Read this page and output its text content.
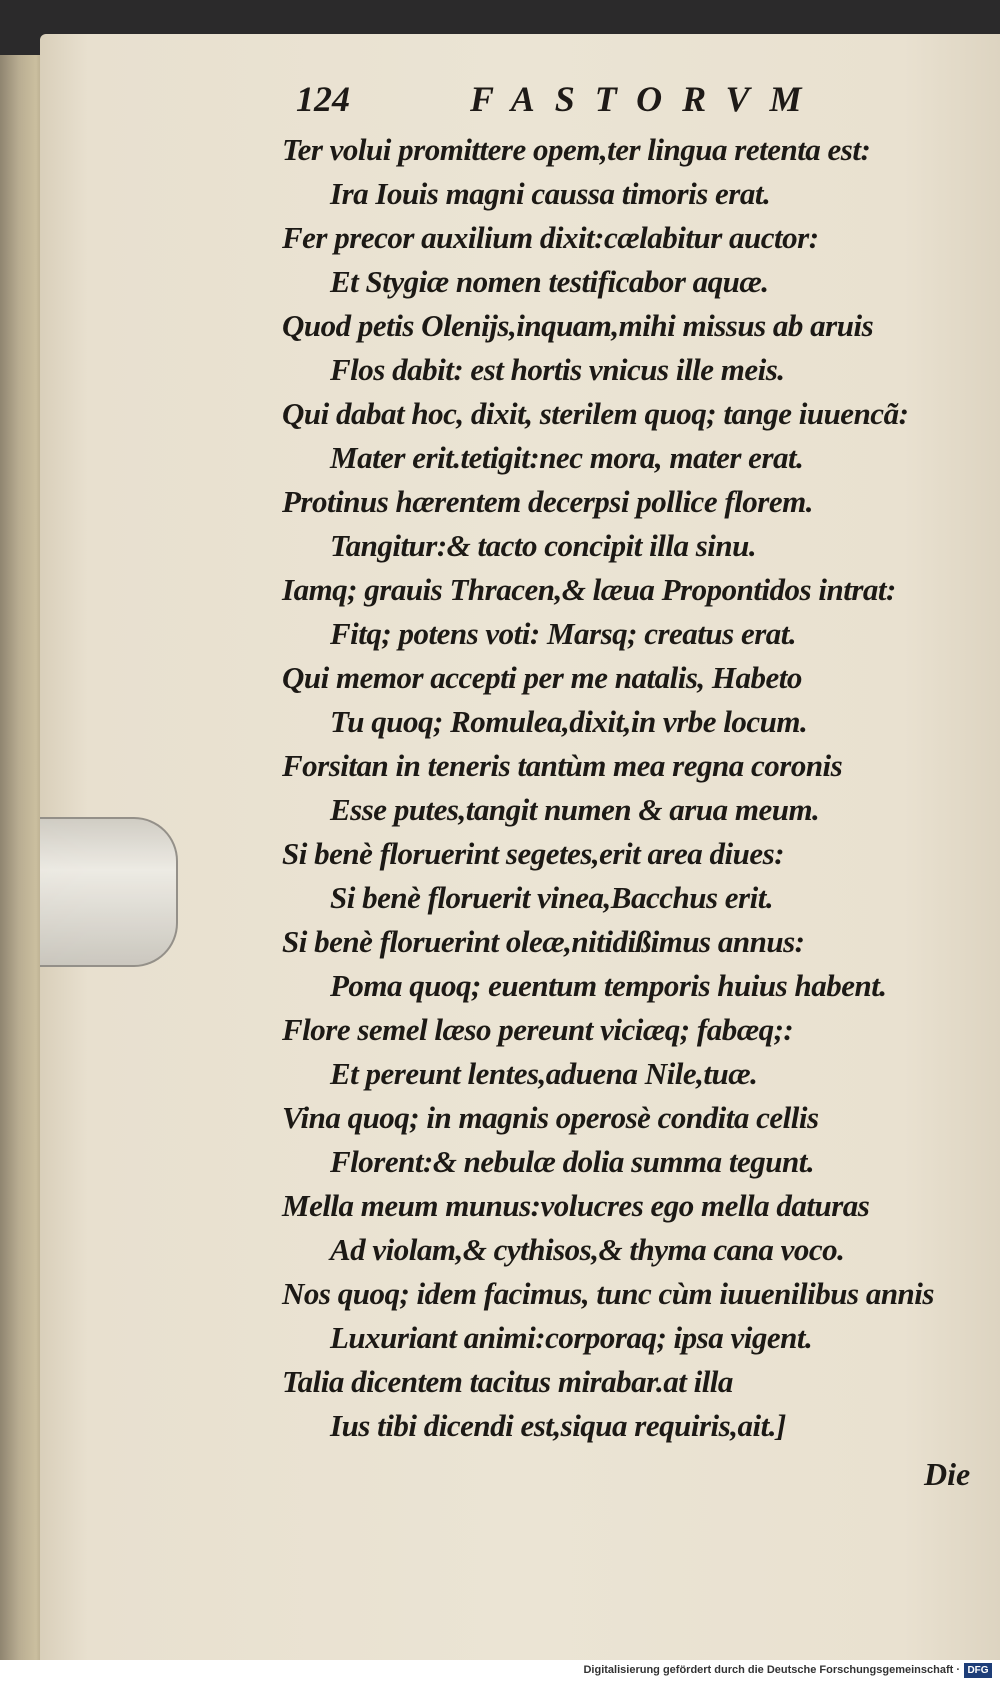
124	FASTORVM
Ter volui promittere opem,ter lingua retenta est:
Ira Iouis magni caussa timoris erat.
Fer precor auxilium dixit:cælabitur auctor:
Et Stygiæ nomen testificabor aquæ.
Quod petis Olenijs,inquam,mihi missus ab aruis
Flos dabit: est hortis vnicus ille meis.
Qui dabat hoc, dixit, sterilem quoq; tange iuuencã:
Mater erit.tetigit:nec mora, mater erat.
Protinus hærentem decerpsi pollice florem.
Tangitur:& tacto concipit illa sinu.
Iamq; grauis Thracen,& læua Propontidos intrat:
Fitq; potens voti: Marsq; creatus erat.
Qui memor accepti per me natalis, Habeto
Tu quoq; Romulea,dixit,in vrbe locum.
Forsitan in teneris tantùm mea regna coronis
Esse putes,tangit numen & arua meum.
Si benè floruerint segetes,erit area diues:
Si benè floruerit vinea,Bacchus erit.
Si benè floruerint oleæ,nitidißimus annus:
Poma quoq; euentum temporis huius habent.
Flore semel læso pereunt viciæq; fabæq;:
Et pereunt lentes,aduena Nile,tuæ.
Vina quoq; in magnis operosè condita cellis
Florent:& nebulæ dolia summa tegunt.
Mella meum munus:volucres ego mella daturas
Ad violam,& cythisos,& thyma cana voco.
Nos quoq; idem facimus, tunc cùm iuuenilibus annis
Luxuriant animi:corporaq; ipsa vigent.
Talia dicentem tacitus mirabar.at illa
Ius tibi dicendi est,siqua requiris,ait.]
Die
Digitalisierung gefördert durch die Deutsche Forschungsgemeinschaft · DFG
